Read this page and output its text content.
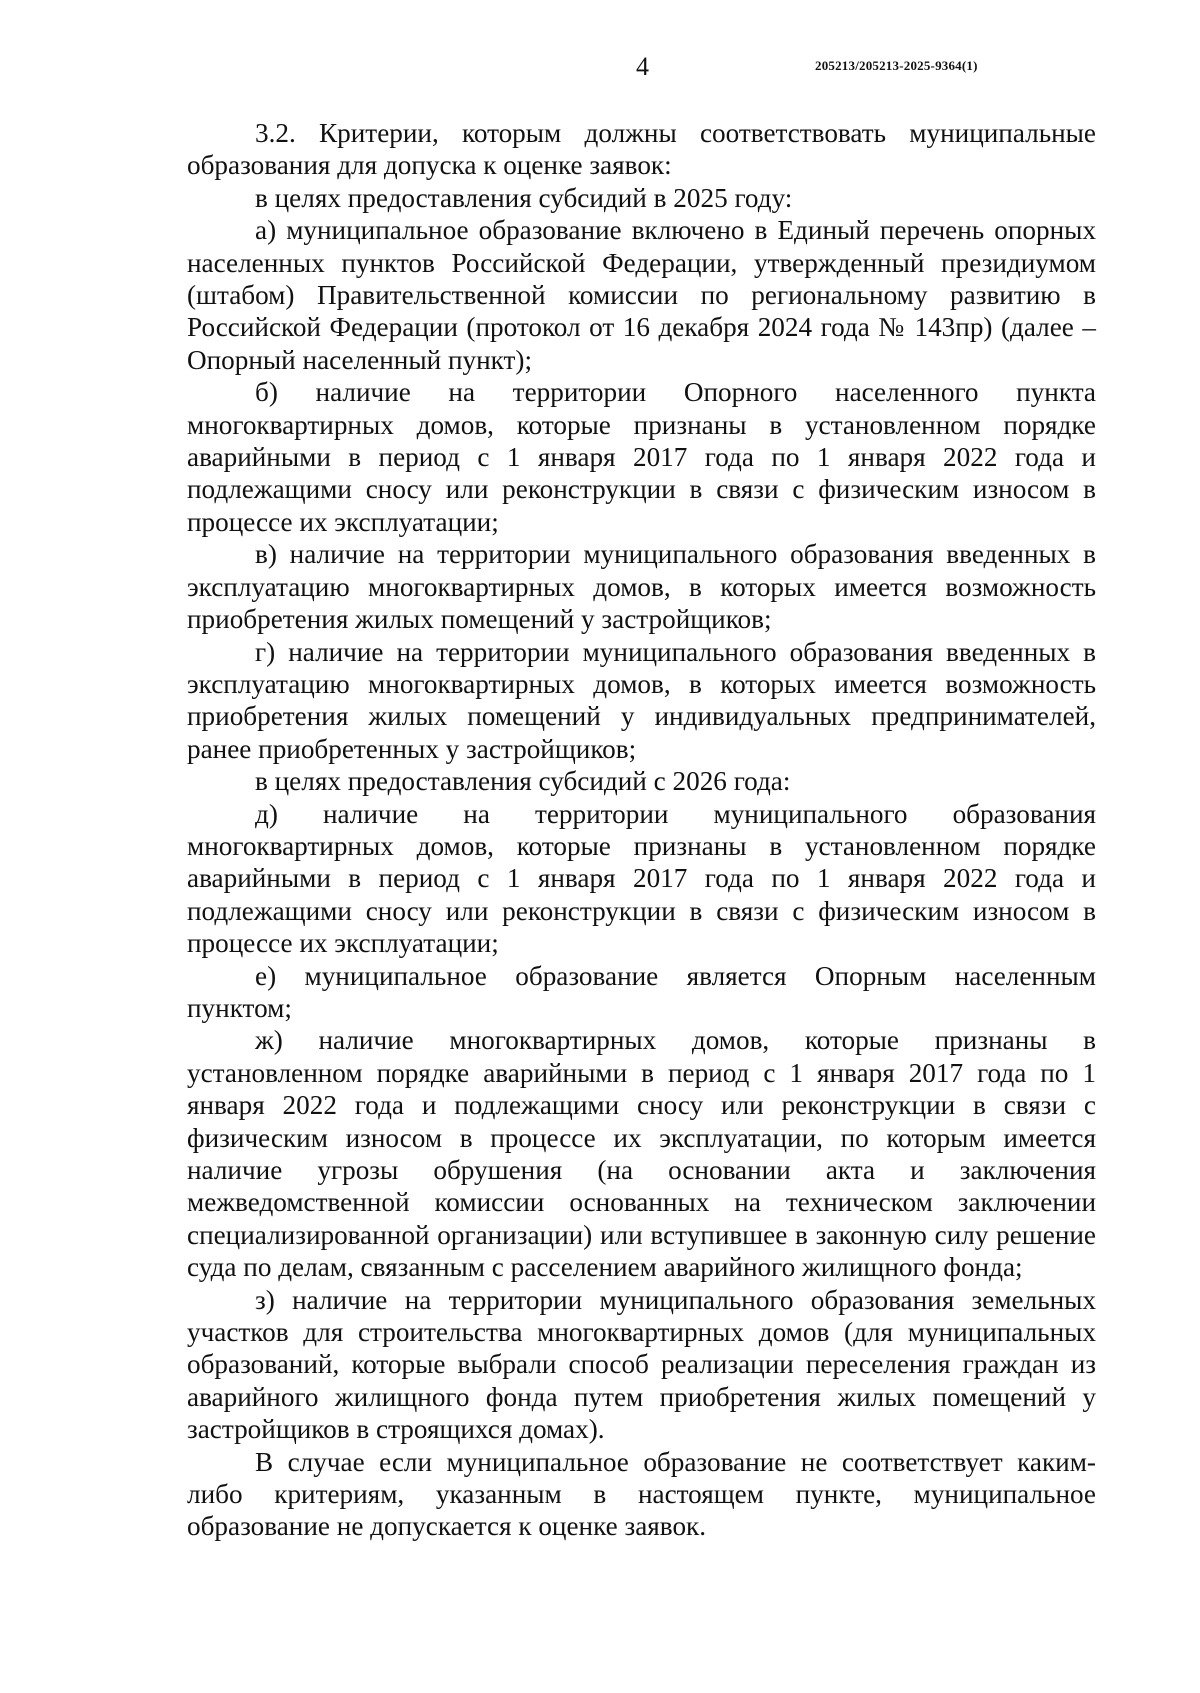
4	205213/205213-2025-9364(1)

3.2. Критерии, которым должны соответствовать муниципальные образования для допуска к оценке заявок:

в целях предоставления субсидий в 2025 году:

а) муниципальное образование включено в Единый перечень опорных населенных пунктов Российской Федерации, утвержденный президиумом (штабом) Правительственной комиссии по региональному развитию в Российской Федерации (протокол от 16 декабря 2024 года № 143пр) (далее – Опорный населенный пункт);

б) наличие на территории Опорного населенного пункта многоквартирных домов, которые признаны в установленном порядке аварийными в период с 1 января 2017 года по 1 января 2022 года и подлежащими сносу или реконструкции в связи с физическим износом в процессе их эксплуатации;

в) наличие на территории муниципального образования введенных в эксплуатацию многоквартирных домов, в которых имеется возможность приобретения жилых помещений у застройщиков;

г) наличие на территории муниципального образования введенных в эксплуатацию многоквартирных домов, в которых имеется возможность приобретения жилых помещений у индивидуальных предпринимателей, ранее приобретенных у застройщиков;

в целях предоставления субсидий с 2026 года:

д) наличие на территории муниципального образования многоквартирных домов, которые признаны в установленном порядке аварийными в период с 1 января 2017 года по 1 января 2022 года и подлежащими сносу или реконструкции в связи с физическим износом в процессе их эксплуатации;

е) муниципальное образование является Опорным населенным пунктом;

ж) наличие многоквартирных домов, которые признаны в установленном порядке аварийными в период с 1 января 2017 года по 1 января 2022 года и подлежащими сносу или реконструкции в связи с физическим износом в процессе их эксплуатации, по которым имеется наличие угрозы обрушения (на основании акта и заключения межведомственной комиссии основанных на техническом заключении специализированной организации) или вступившее в законную силу решение суда по делам, связанным с расселением аварийного жилищного фонда;

з) наличие на территории муниципального образования земельных участков для строительства многоквартирных домов (для муниципальных образований, которые выбрали способ реализации переселения граждан из аварийного жилищного фонда путем приобретения жилых помещений у застройщиков в строящихся домах).

В случае если муниципальное образование не соответствует каким-либо критериям, указанным в настоящем пункте, муниципальное образование не допускается к оценке заявок.
